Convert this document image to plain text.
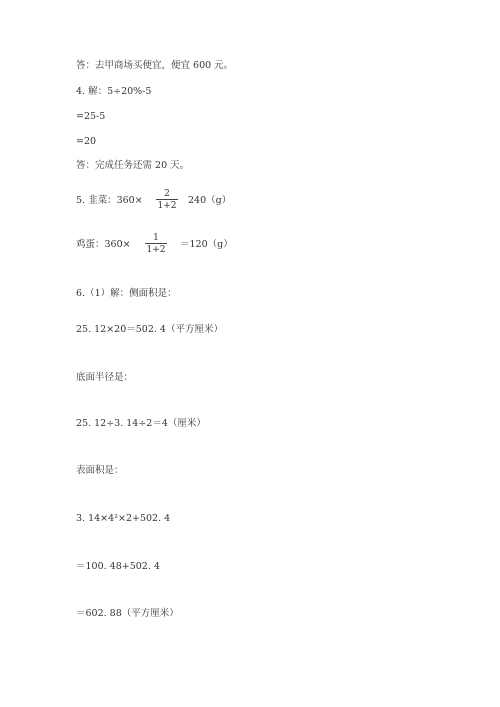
答：去甲商场买便宜，便宜 600 元。
4. 解：5÷20%-5
=25-5
=20
答：完成任务还需 20 天。
5. 韭菜：$360\times \frac{2}{1+2} 240(g)$
鸡蛋：$360\times \frac{1}{1+2} =120(g)$
6.（1）解：侧面积是：
25. 12×20＝502. 4（平方厘米）
底面半径是：
25. 12÷3. 14÷2＝4（厘米）
表面积是：
3. 14×4²×2+502. 4
＝100. 48+502. 4
＝602. 88（平方厘米）
